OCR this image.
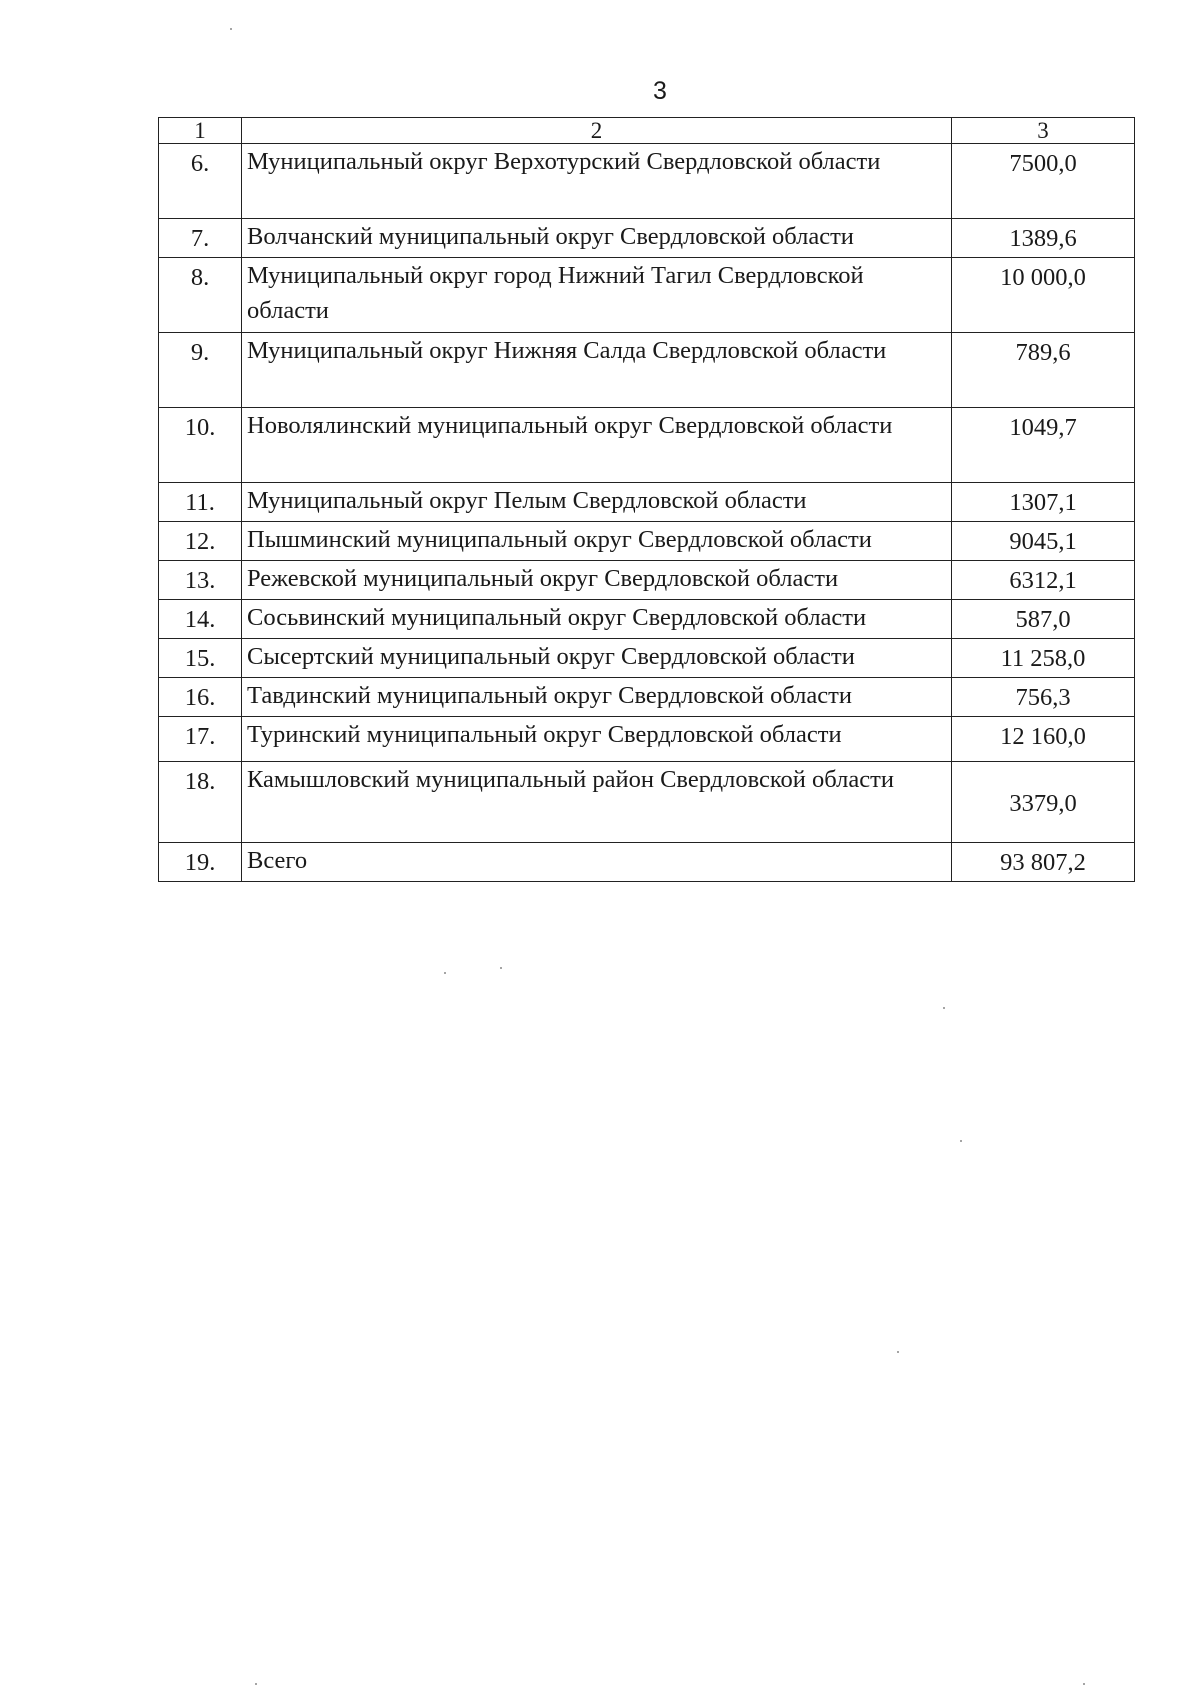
3
1	2	3
6.	Муниципальный округ Верхотурский Свердловской области	7500,0
7.	Волчанский муниципальный округ Свердловской области	1389,6
8.	Муниципальный округ город Нижний Тагил Свердловской области	10 000,0
9.	Муниципальный округ Нижняя Салда Свердловской области	789,6
10.	Новолялинский муниципальный округ Свердловской области	1049,7
11.	Муниципальный округ Пелым Свердловской области	1307,1
12.	Пышминский муниципальный округ Свердловской области	9045,1
13.	Режевской муниципальный округ Свердловской области	6312,1
14.	Сосьвинский муниципальный округ Свердловской области	587,0
15.	Сысертский муниципальный округ Свердловской области	11 258,0
16.	Тавдинский муниципальный округ Свердловской области	756,3
17.	Туринский муниципальный округ Свердловской области	12 160,0
18.	Камышловский муниципальный район Свердловской области	3379,0
19.	Всего	93 807,2
